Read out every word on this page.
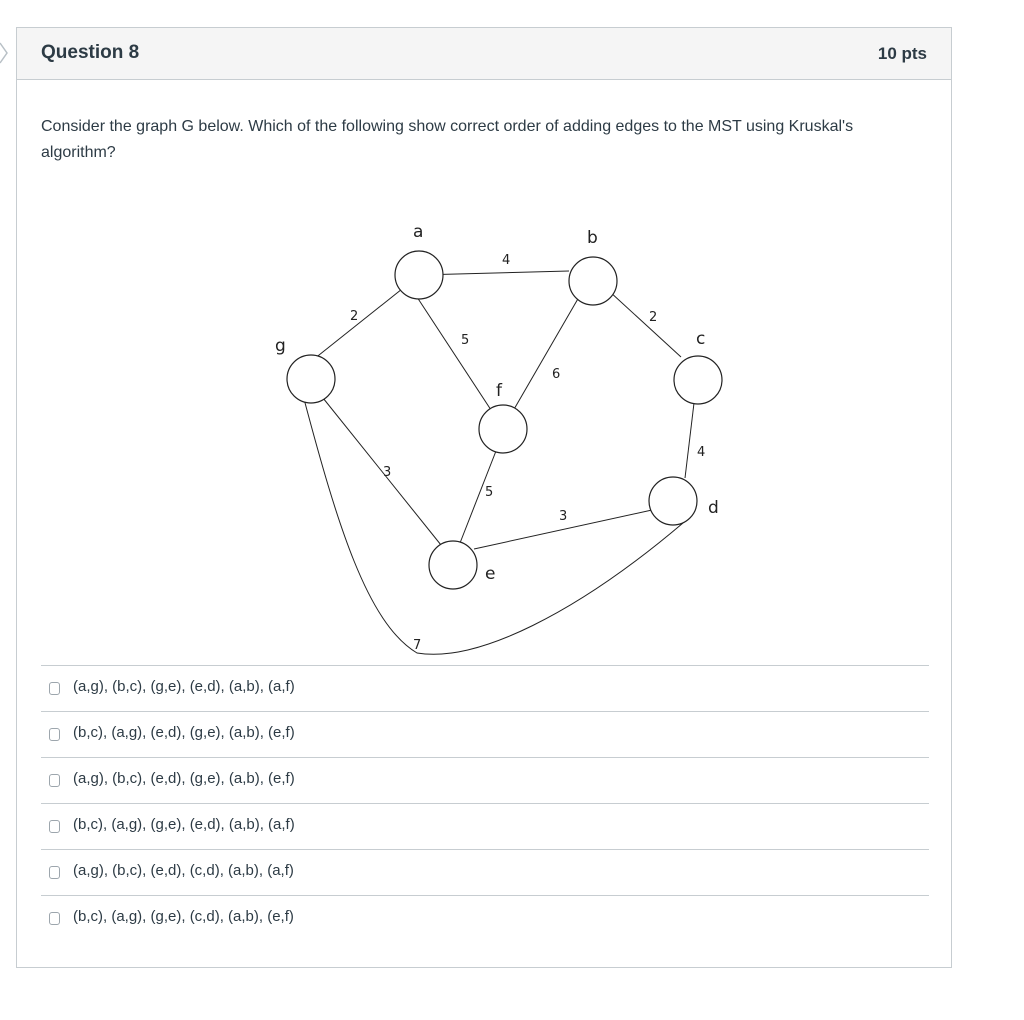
Question 8	10 pts
Consider the graph G below. Which of the following show correct order of adding edges to the MST using Kruskal's algorithm?
a	b
c
d
e
f
g
4
2
5
6
2
4
3
5
3
7
(a,g), (b,c), (g,e), (e,d), (a,b), (a,f)
(b,c), (a,g), (e,d), (g,e), (a,b), (e,f)
(a,g), (b,c), (e,d), (g,e), (a,b), (e,f)
(b,c), (a,g), (g,e), (e,d), (a,b), (a,f)
(a,g), (b,c), (e,d), (c,d), (a,b), (a,f)
(b,c), (a,g), (g,e), (c,d), (a,b), (e,f)
